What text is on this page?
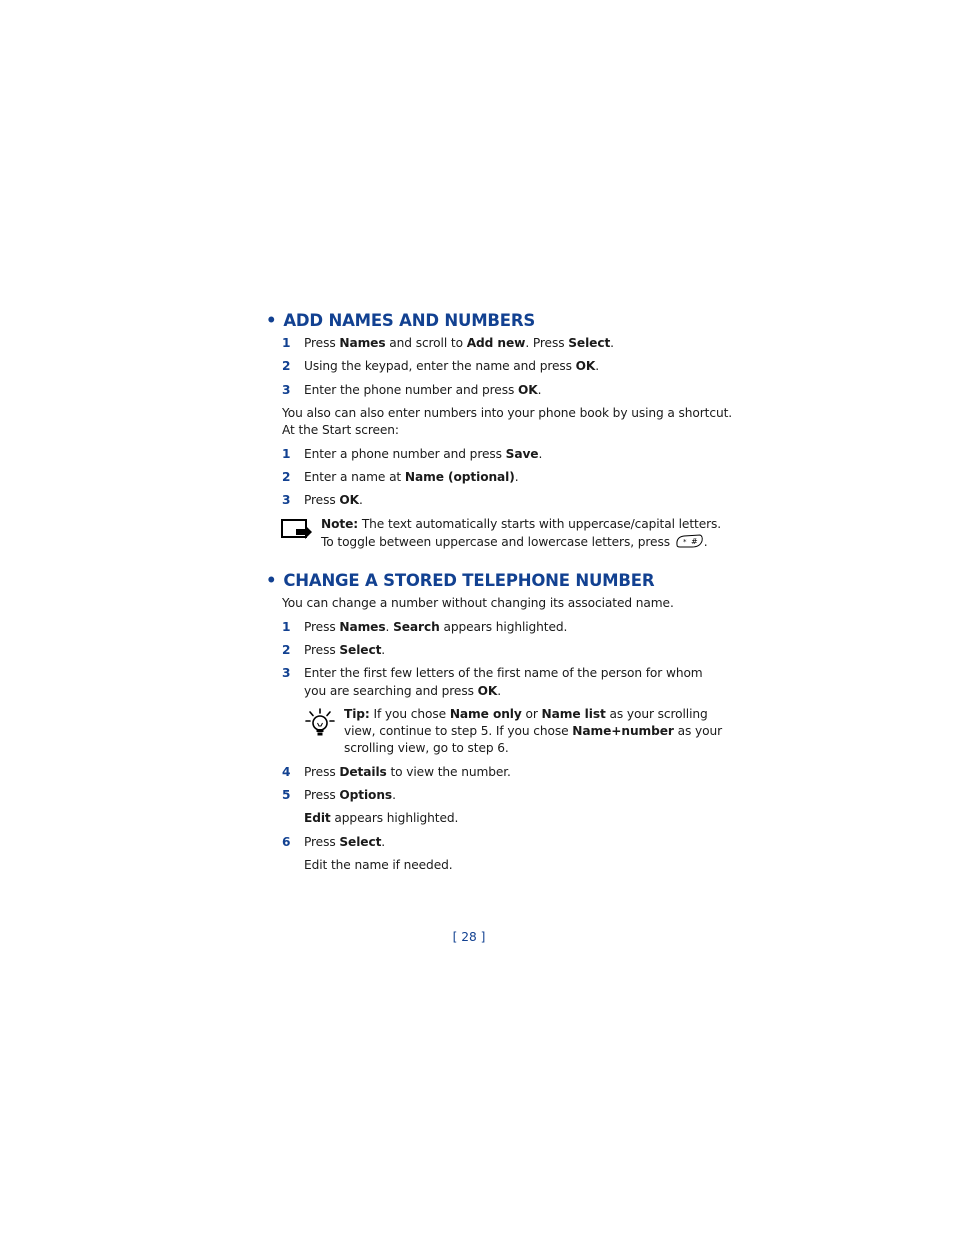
• ADD NAMES AND NUMBERS
1	Press Names and scroll to Add new. Press Select.
2	Using the keypad, enter the name and press OK.
3	Enter the phone number and press OK.
You also can also enter numbers into your phone book by using a shortcut.
At the Start screen:
1	Enter a phone number and press Save.
2	Enter a name at Name (optional).
3	Press OK.
Note: The text automatically starts with uppercase/capital letters.
To toggle between uppercase and lowercase letters, press * # .
• CHANGE A STORED TELEPHONE NUMBER
You can change a number without changing its associated name.
1	Press Names. Search appears highlighted.
2	Press Select.
3	Enter the first few letters of the first name of the person for whom
you are searching and press OK.
Tip: If you chose Name only or Name list as your scrolling
view, continue to step 5. If you chose Name+number as your
scrolling view, go to step 6.
4	Press Details to view the number.
5	Press Options.
Edit appears highlighted.
6	Press Select.
Edit the name if needed.
[ 28 ]
